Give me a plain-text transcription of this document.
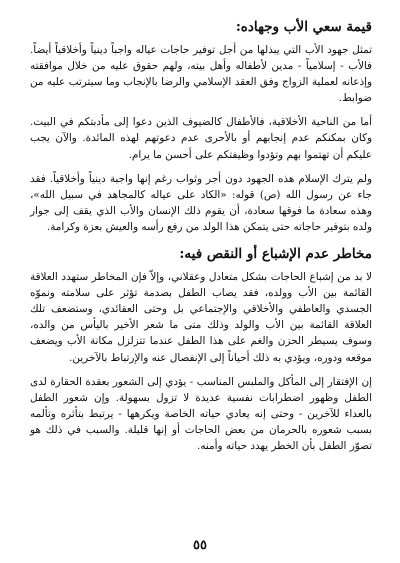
قيمة سعي الأب وجهاده:

تمثل جهود الأب التي يبذلها من أجل توفير حاجات عياله واجباً دينياً وأخلاقياً أيضاً. فالأب - إسلامياً - مدين لأطفاله وأهل بيته، ولهم حقوق عليه من خلال موافقته وإذعانه لعملية الزواج وفق العقد الإسلامي والرضا بالإنجاب وما سيترتب عليه من ضوابط.

أما من الناحية الأخلاقية، فالأطفال كالضيوف الذين دعوا إلى مأدبتكم في البيت. وكان بمكنكم عدم إنجابهم أو بالأحرى عدم دعوتهم لهذه المائدة. والآن يجب عليكم أن تهتموا بهم وتؤدوا وظيفتكم على أحسن ما يرام.

ولم يترك الإسلام هذه الجهود دون أجر وثواب رغم إنها واجبة دينياً وأخلاقياً. فقد جاء عن رسول الله (ص) قوله: «الكاد على عياله كالمجاهد في سبيل الله»، وهذه سعادة ما فوقها سعادة، أن يقوم ذلك الإنسان والأب الذي يقف إلى جوار ولده بتوفير حاجاته حتى يتمكن هذا الولد من رفع رأسه والعيش بعزة وكرامة.

مخاطر عدم الإشباع أو النقص فيه:

لا بد من إشباع الحاجات بشكل متعادل وعقلاني، وإلاّ فإن المخاطر ستهدد العلاقة القائمة بين الأب وولده، فقد يصاب الطفل بصدمة تؤثر على سلامته ونموّه الجسدي والعاطفي والأخلاقي والإجتماعي بل وحتى العقائدي، وستضعف تلك العلاقة القائمة بين الأب والولد وذلك متى ما شعر الأخير باليأس من والده، وسوف يسيطر الحزن والغم على هذا الطفل عندما تتزلزل مكانة الأب ويضعف موقعه ودوره، ويؤدي به ذلك أحياناً إلى الإنفصال عنه والإرتباط بالآخرين.

إن الإفتقار إلى المأكل والملبس المناسب - يؤدي إلى الشعور بعقدة الحقارة لدى الطفل وظهور اضطرابات نفسية عديدة لا تزول بسهولة. وإن شعور الطفل بالعداء للآخرين - وحتى إنه يعادي حياته الخاصة ويكرهها - يرتبط بتأثره وتألمه بسبب شعوره بالحرمان من بعض الحاجات أو إنها قليلة. والسبب في ذلك هو تصوّر الطفل بأن الخطر يهدد حياته وأمنه.

٥٥
